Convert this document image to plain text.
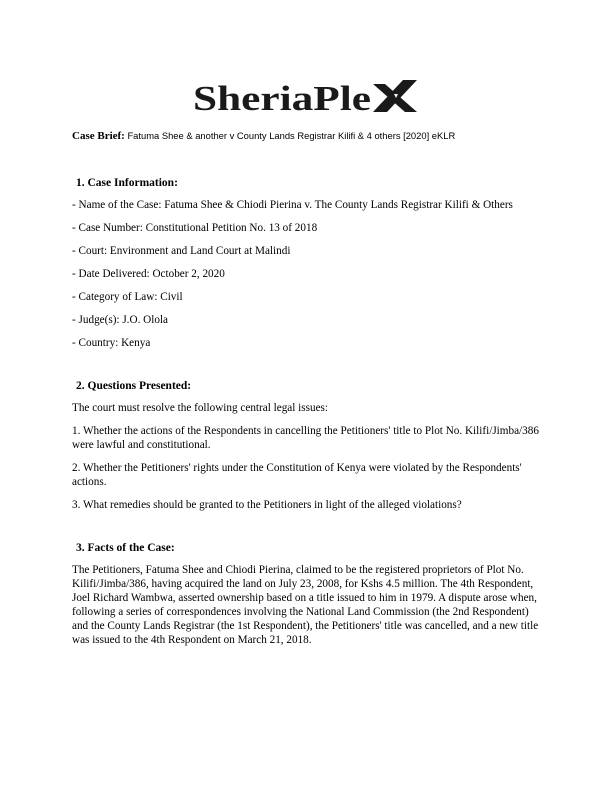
SheriaPle
Case Brief: Fatuma Shee & another v County Lands Registrar Kilifi & 4 others [2020] eKLR
1. Case Information:

- Name of the Case: Fatuma Shee & Chiodi Pierina v. The County Lands Registrar Kilifi & Others

- Case Number: Constitutional Petition No. 13 of 2018

- Court: Environment and Land Court at Malindi

- Date Delivered: October 2, 2020

- Category of Law: Civil

- Judge(s): J.O. Olola

- Country: Kenya

2. Questions Presented:

The court must resolve the following central legal issues:

1. Whether the actions of the Respondents in cancelling the Petitioners' title to Plot No. Kilifi/Jimba/386 were lawful and constitutional.

2. Whether the Petitioners' rights under the Constitution of Kenya were violated by the Respondents' actions.

3. What remedies should be granted to the Petitioners in light of the alleged violations?

3. Facts of the Case:

The Petitioners, Fatuma Shee and Chiodi Pierina, claimed to be the registered proprietors of Plot No. Kilifi/Jimba/386, having acquired the land on July 23, 2008, for Kshs 4.5 million. The 4th Respondent, Joel Richard Wambwa, asserted ownership based on a title issued to him in 1979. A dispute arose when, following a series of correspondences involving the National Land Commission (the 2nd Respondent) and the County Lands Registrar (the 1st Respondent), the Petitioners' title was cancelled, and a new title was issued to the 4th Respondent on March 21, 2018.
